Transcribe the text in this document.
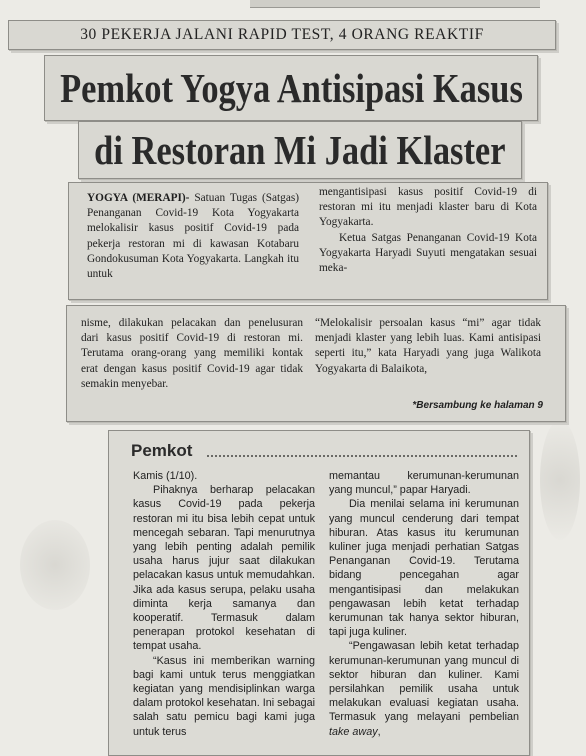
30 PEKERJA JALANI RAPID TEST, 4 ORANG REAKTIF
Pemkot Yogya Antisipasi Kasus
di Restoran Mi Jadi Klaster
YOGYA (MERAPI)- Satuan Tugas (Satgas) Penanganan Covid-19 Kota Yogyakarta melokalisir kasus positif Covid-19 pada pekerja restoran mi di kawasan Kotabaru Gondokusuman Kota Yogyakarta. Langkah itu untuk
mengantisipasi kasus positif Covid-19 di restoran mi itu menjadi klaster baru di Kota Yogyakarta.
Ketua Satgas Penanganan Covid-19 Kota Yogyakarta Haryadi Suyuti mengatakan sesuai meka-
nisme, dilakukan pelacakan dan penelusuran dari kasus positif Covid-19 di restoran mi. Terutama orang-orang yang memiliki kontak erat dengan kasus positif Covid-19 agar tidak semakin menyebar.
“Melokalisir persoalan kasus “mi” agar tidak menjadi klaster yang lebih luas. Kami antisipasi seperti itu,” kata Haryadi yang juga Walikota Yogyakarta di Balaikota,
*Bersambung ke halaman 9
Pemkot
Kamis (1/10).
Pihaknya berharap pelacakan kasus Covid-19 pada pekerja restoran mi itu bisa lebih cepat untuk mencegah sebaran. Tapi menurutnya yang lebih penting adalah pemilik usaha harus jujur saat dilakukan pelacakan kasus untuk memudahkan. Jika ada kasus serupa, pelaku usaha diminta kerja samanya dan kooperatif. Termasuk dalam penerapan protokol kesehatan di tempat usaha.
“Kasus ini memberikan warning bagi kami untuk terus menggiatkan kegiatan yang mendisiplinkan warga dalam protokol kesehatan. Ini sebagai salah satu pemicu bagi kami juga untuk terus
memantau kerumunan-kerumunan yang muncul,” papar Haryadi.
Dia menilai selama ini kerumunan yang muncul cenderung dari tempat hiburan. Atas kasus itu kerumunan kuliner juga menjadi perhatian Satgas Penanganan Covid-19. Terutama bidang pencegahan agar mengantisipasi dan melakukan pengawasan lebih ketat terhadap kerumunan tak hanya sektor hiburan, tapi juga kuliner.
“Pengawasan lebih ketat terhadap kerumunan-kerumunan yang muncul di sektor hiburan dan kuliner. Kami persilahkan pemilik usaha untuk melakukan evaluasi kegiatan usaha. Termasuk yang melayani pembelian take away,
